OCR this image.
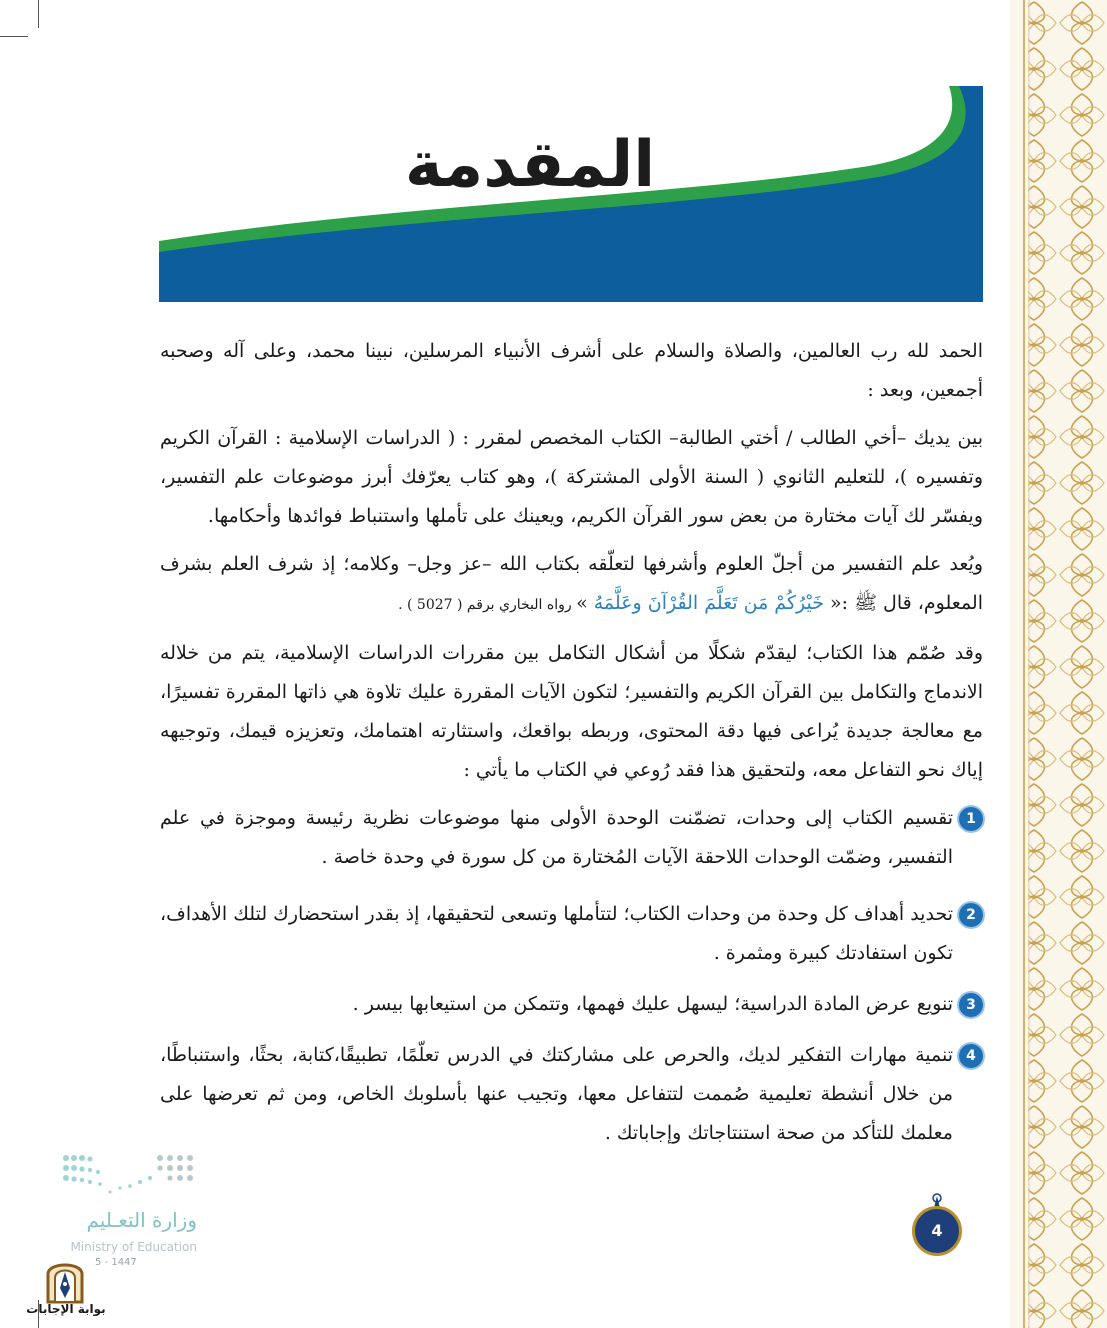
المقدمة

الحمد لله رب العالمين، والصلاة والسلام على أشرف الأنبياء المرسلين، نبينا محمد، وعلى آله وصحبه أجمعين، وبعد :

بين يديك –أخي الطالب / أختي الطالبة– الكتاب المخصص لمقرر : ( الدراسات الإسلامية : القرآن الكريم وتفسيره )، للتعليم الثانوي ( السنة الأولى المشتركة )، وهو كتاب يعرّفك أبرز موضوعات علم التفسير، ويفسّر لك آيات مختارة من بعض سور القرآن الكريم، ويعينك على تأملها واستنباط فوائدها وأحكامها.

ويُعد علم التفسير من أجلّ العلوم وأشرفها لتعلّقه بكتاب الله –عز وجل– وكلامه؛ إذ شرف العلم بشرف المعلوم، قال ﷺ :« خَيْرُكُمْ مَن تَعَلَّمَ القُرْآنَ وعَلَّمَهُ » رواه البخاري برقم ( 5027 ) .

وقد صُمّم هذا الكتاب؛ ليقدّم شكلًا من أشكال التكامل بين مقررات الدراسات الإسلامية، يتم من خلاله الاندماج والتكامل بين القرآن الكريم والتفسير؛ لتكون الآيات المقررة عليك تلاوة هي ذاتها المقررة تفسيرًا، مع معالجة جديدة يُراعى فيها دقة المحتوى، وربطه بواقعك، واستثارته اهتمامك، وتعزيزه قيمك، وتوجيهه إياك نحو التفاعل معه، ولتحقيق هذا فقد رُوعي في الكتاب ما يأتي :

1
تقسيم الكتاب إلى وحدات، تضمّنت الوحدة الأولى منها موضوعات نظرية رئيسة وموجزة في علم التفسير، وضمّت الوحدات اللاحقة الآيات المُختارة من كل سورة في وحدة خاصة .
2
تحديد أهداف كل وحدة من وحدات الكتاب؛ لتتأملها وتسعى لتحقيقها، إذ بقدر استحضارك لتلك الأهداف، تكون استفادتك كبيرة ومثمرة .
3
تنويع عرض المادة الدراسية؛ ليسهل عليك فهمها، وتتمكن من استيعابها بيسر .
4
تنمية مهارات التفكير لديك، والحرص على مشاركتك في الدرس تعلّمًا، تطبيقًا،كتابة، بحثًا، واستنباطًا، من خلال أنشطة تعليمية صُممت لتتفاعل معها، وتجيب عنها بأسلوبك الخاص، ومن ثم تعرضها على معلمك للتأكد من صحة استنتاجاتك وإجاباتك .
وزارة التعـليم
Ministry of Education
5 - 1447
بوابة الإجابات
4
